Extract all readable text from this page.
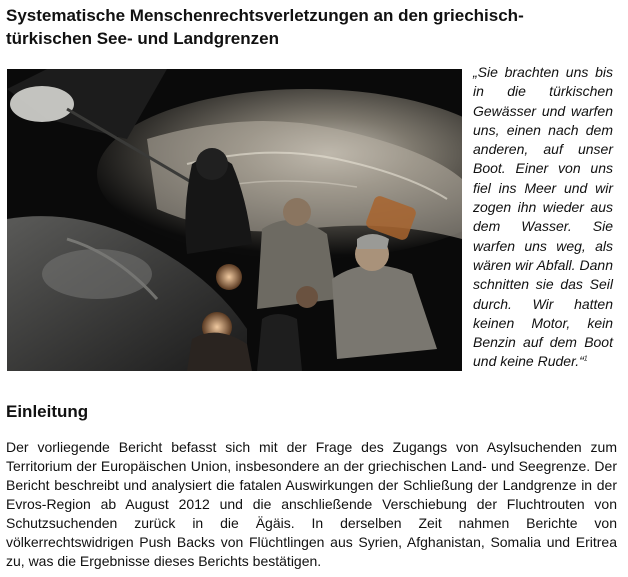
Systematische Menschenrechtsverletzungen an den griechisch-türkischen See- und Landgrenzen

„Sie brachten uns bis in die türkischen Gewässer und warfen uns, einen nach dem anderen, auf unser Boot. Einer von uns fiel ins Meer und wir zogen ihn wieder aus dem Wasser. Sie warfen uns weg, als wären wir Abfall. Dann schnitten sie das Seil durch. Wir hatten keinen Motor, kein Benzin auf dem Boot und keine Ruder.“$^1$

Einleitung

Der vorliegende Bericht befasst sich mit der Frage des Zugangs von Asylsuchenden zum Territorium der Europäischen Union, insbesondere an der griechischen Land- und Seegrenze. Der Bericht beschreibt und analysiert die fatalen Auswirkungen der Schließung der Landgrenze in der Evros-Region ab August 2012 und die anschließende Verschiebung der Fluchtrouten von Schutzsuchenden zurück in die Ägäis. In derselben Zeit nahmen Berichte von völkerrechtswidrigen Push Backs von Flüchtlingen aus Syrien, Afghanistan, Somalia und Eritrea zu, was die Ergebnisse dieses Berichts bestätigen.
